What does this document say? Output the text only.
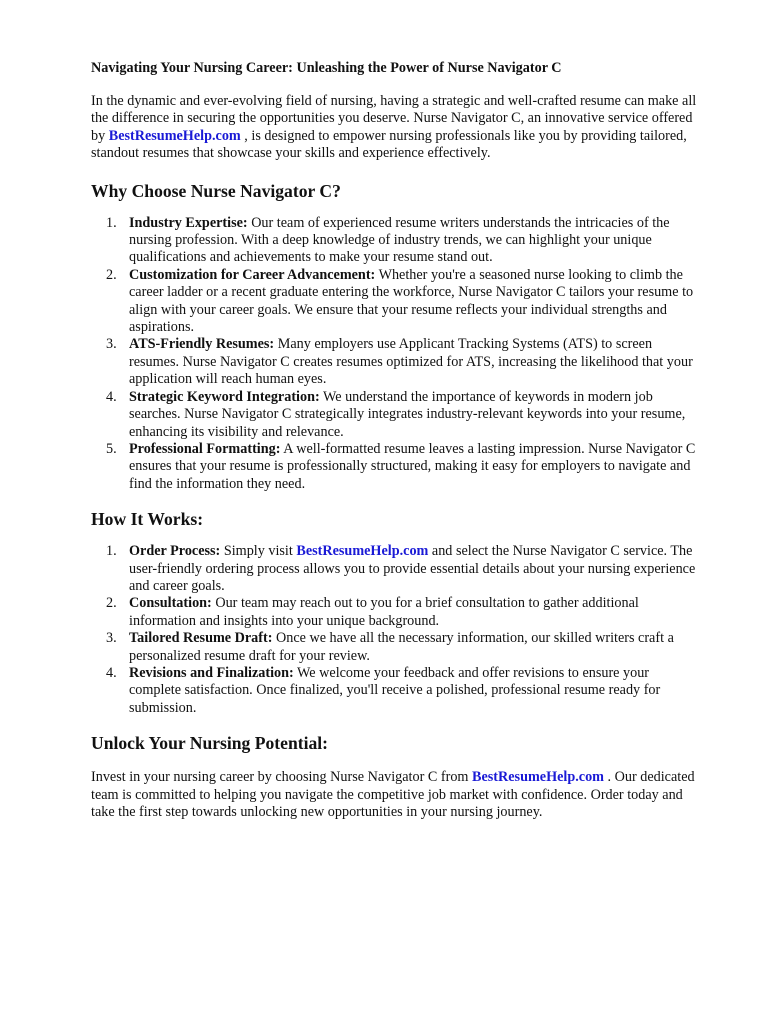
Navigating Your Nursing Career: Unleashing the Power of Nurse Navigator C

In the dynamic and ever-evolving field of nursing, having a strategic and well-crafted resume can make all the difference in securing the opportunities you deserve. Nurse Navigator C, an innovative service offered by BestResumeHelp.com , is designed to empower nursing professionals like you by providing tailored, standout resumes that showcase your skills and experience effectively.

Why Choose Nurse Navigator C?
1. Industry Expertise: Our team of experienced resume writers understands the intricacies of the nursing profession. With a deep knowledge of industry trends, we can highlight your unique qualifications and achievements to make your resume stand out.
2. Customization for Career Advancement: Whether you're a seasoned nurse looking to climb the career ladder or a recent graduate entering the workforce, Nurse Navigator C tailors your resume to align with your career goals. We ensure that your resume reflects your individual strengths and aspirations.
3. ATS-Friendly Resumes: Many employers use Applicant Tracking Systems (ATS) to screen resumes. Nurse Navigator C creates resumes optimized for ATS, increasing the likelihood that your application will reach human eyes.
4. Strategic Keyword Integration: We understand the importance of keywords in modern job searches. Nurse Navigator C strategically integrates industry-relevant keywords into your resume, enhancing its visibility and relevance.
5. Professional Formatting: A well-formatted resume leaves a lasting impression. Nurse Navigator C ensures that your resume is professionally structured, making it easy for employers to navigate and find the information they need.
How It Works:
1. Order Process: Simply visit BestResumeHelp.com and select the Nurse Navigator C service. The user-friendly ordering process allows you to provide essential details about your nursing experience and career goals.
2. Consultation: Our team may reach out to you for a brief consultation to gather additional information and insights into your unique background.
3. Tailored Resume Draft: Once we have all the necessary information, our skilled writers craft a personalized resume draft for your review.
4. Revisions and Finalization: We welcome your feedback and offer revisions to ensure your complete satisfaction. Once finalized, you'll receive a polished, professional resume ready for submission.
Unlock Your Nursing Potential:

Invest in your nursing career by choosing Nurse Navigator C from BestResumeHelp.com . Our dedicated team is committed to helping you navigate the competitive job market with confidence. Order today and take the first step towards unlocking new opportunities in your nursing journey.
